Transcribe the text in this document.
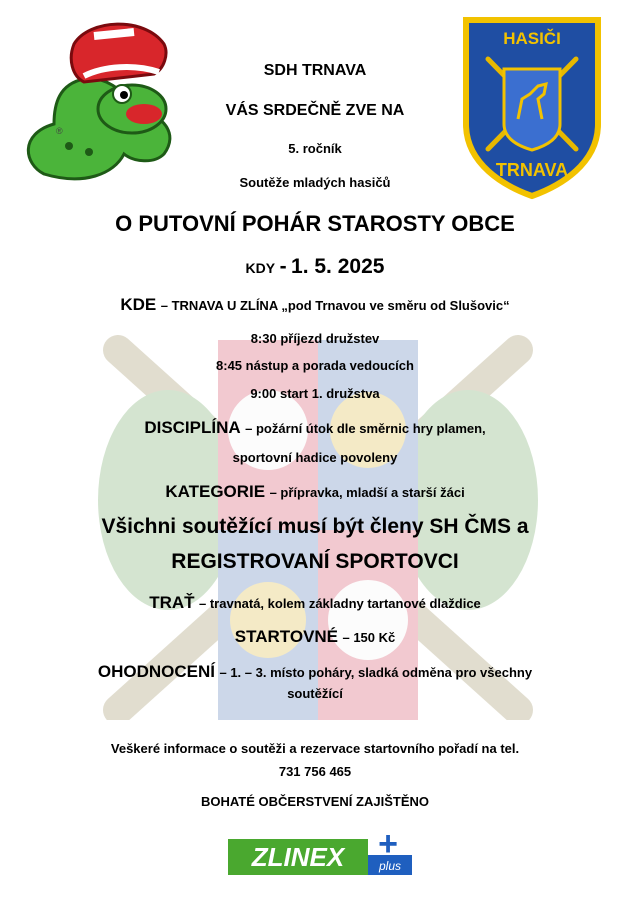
®
HASIČI
TRNAVA
SDH TRNAVA
VÁS SRDEČNĚ ZVE NA
5. ročník
Soutěže mladých hasičů
O PUTOVNÍ POHÁR STAROSTY OBCE
KDY - 1. 5. 2025
KDE – TRNAVA U ZLÍNA „pod Trnavou ve směru od Slušovic“
8:30 příjezd družstev
8:45 nástup a porada vedoucích
9:00 start 1. družstva
DISCIPLÍNA – požární útok dle směrnic hry plamen,
sportovní hadice povoleny
KATEGORIE – přípravka, mladší a starší žáci
Všichni soutěžící musí být členy SH ČMS a
REGISTROVANÍ SPORTOVCI
TRAŤ – travnatá, kolem základny tartanové dlaždice
STARTOVNÉ – 150 Kč
OHODNOCENÍ – 1. – 3. místo poháry, sladká odměna pro všechny
soutěžící
Veškeré informace o soutěži a rezervace startovního pořadí na tel.
731 756 465
BOHATÉ OBČERSTVENÍ ZAJIŠTĚNO
ZLINEX	plus
+
